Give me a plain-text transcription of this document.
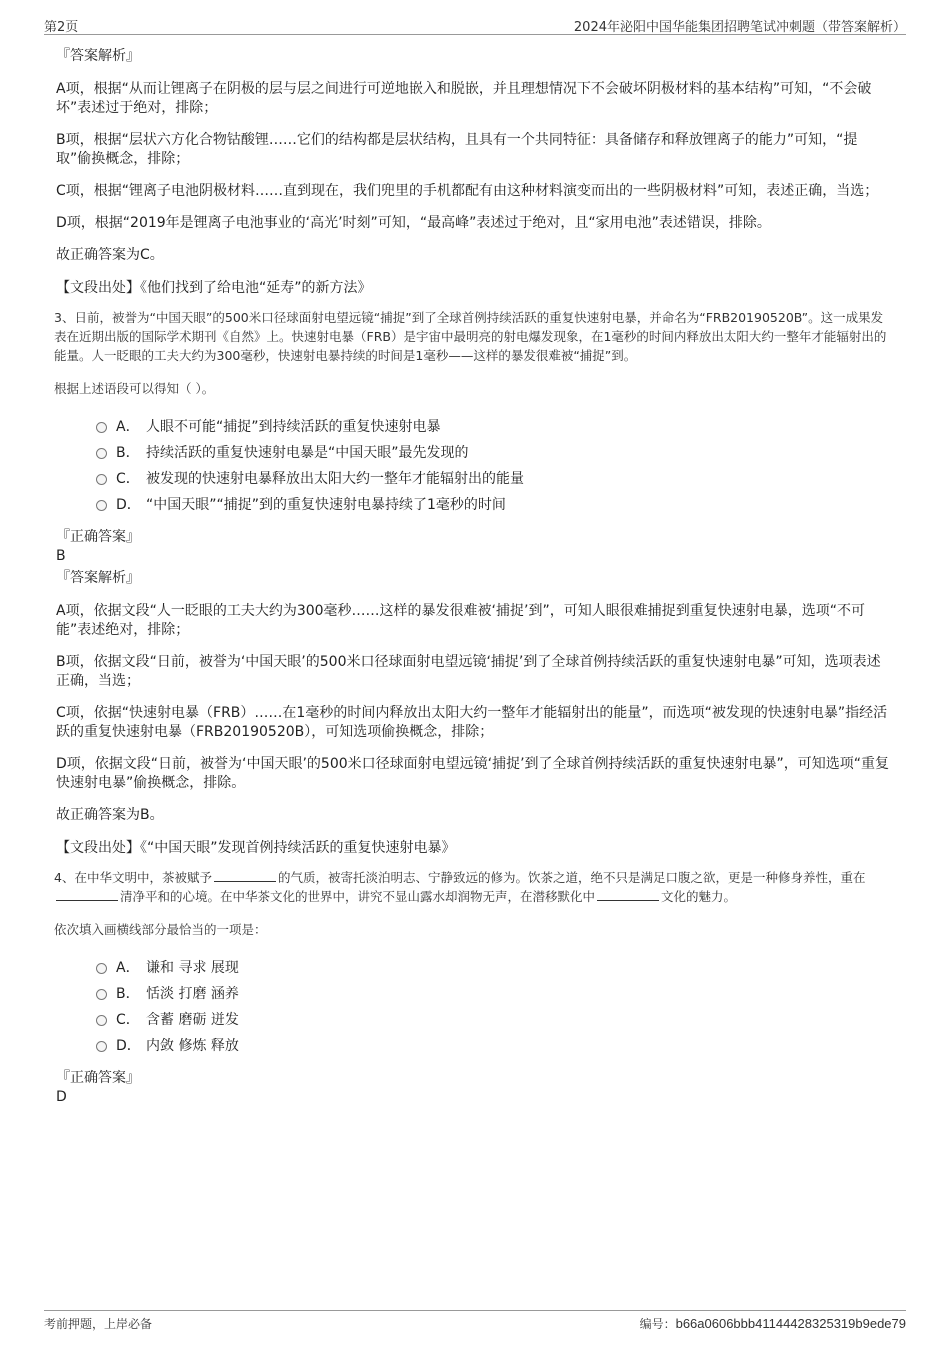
第2页	2024年泌阳中国华能集团招聘笔试冲刺题（带答案解析）

『答案解析』

A项，根据“从而让锂离子在阴极的层与层之间进行可逆地嵌入和脱嵌，并且理想情况下不会破坏阴极材料的基本结构”可知，“不会破坏”表述过于绝对，排除；

B项，根据“层状六方化合物钴酸锂……它们的结构都是层状结构，且具有一个共同特征：具备储存和释放锂离子的能力”可知，“提取”偷换概念，排除；

C项，根据“锂离子电池阴极材料……直到现在，我们兜里的手机都配有由这种材料演变而出的一些阴极材料”可知，表述正确，当选；

D项，根据“2019年是锂离子电池事业的‘高光’时刻”可知，“最高峰”表述过于绝对，且“家用电池”表述错误，排除。

故正确答案为C。

【文段出处】《他们找到了给电池“延寿”的新方法》

3、日前，被誉为“中国天眼”的500米口径球面射电望远镜“捕捉”到了全球首例持续活跃的重复快速射电暴，并命名为“FRB20190520B”。这一成果发表在近期出版的国际学术期刊《自然》上。快速射电暴（FRB）是宇宙中最明亮的射电爆发现象，在1毫秒的时间内释放出太阳大约一整年才能辐射出的能量。人一眨眼的工夫大约为300毫秒，快速射电暴持续的时间是1毫秒——这样的暴发很难被“捕捉”到。

根据上述语段可以得知（ ）。

A． 人眼不可能“捕捉”到持续活跃的重复快速射电暴
B． 持续活跃的重复快速射电暴是“中国天眼”最先发现的
C． 被发现的快速射电暴释放出太阳大约一整年才能辐射出的能量
D． “中国天眼”“捕捉”到的重复快速射电暴持续了1毫秒的时间

『正确答案』

B

『答案解析』

A项，依据文段“人一眨眼的工夫大约为300毫秒……这样的暴发很难被‘捕捉’到”，可知人眼很难捕捉到重复快速射电暴，选项“不可能”表述绝对，排除；

B项，依据文段“日前，被誉为‘中国天眼’的500米口径球面射电望远镜‘捕捉’到了全球首例持续活跃的重复快速射电暴”可知，选项表述正确，当选；

C项，依据“快速射电暴（FRB）……在1毫秒的时间内释放出太阳大约一整年才能辐射出的能量”，而选项“被发现的快速射电暴”指经活跃的重复快速射电暴（FRB20190520B），可知选项偷换概念，排除；

D项，依据文段“日前，被誉为‘中国天眼’的500米口径球面射电望远镜‘捕捉’到了全球首例持续活跃的重复快速射电暴”，可知选项“重复快速射电暴”偷换概念，排除。

故正确答案为B。

【文段出处】《“中国天眼”发现首例持续活跃的重复快速射电暴》

4、在中华文明中，茶被赋予	的气质，被寄托淡泊明志、宁静致远的修为。饮茶之道，绝不只是满足口腹之欲，更是一种修身养性，重在清净平和的心境。在中华茶文化的世界中，讲究不显山露水却润物无声，在潜移默化中	文化的魅力。

依次填入画横线部分最恰当的一项是：

A． 谦和 寻求 展现
B． 恬淡 打磨 涵养
C． 含蓄 磨砺 迸发
D． 内敛 修炼 释放

『正确答案』

D

考前押题，上岸必备	编号：b66a0606bbb41144428325319b9ede79
